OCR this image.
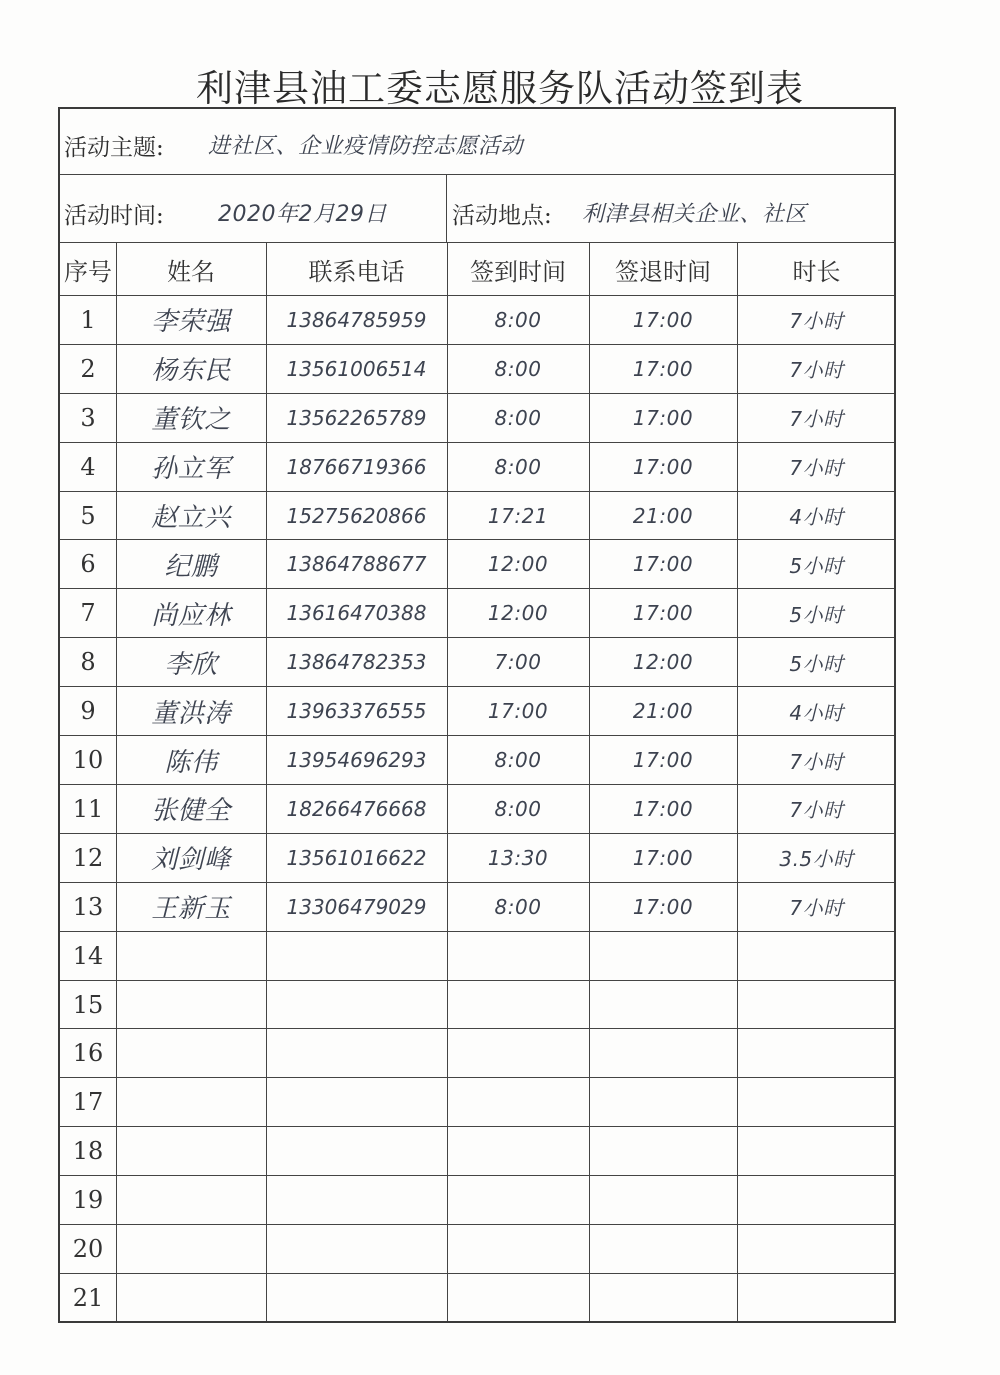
利津县油工委志愿服务队活动签到表
活动主题: 进社区、企业疫情防控志愿活动
活动时间: 2020年2月29日	活动地点: 利津县相关企业、社区
序号	姓名	联系电话	签到时间	签退时间	时长
1	李荣强	13864785959	8:00	17:00	7小时
2	杨东民	13561006514	8:00	17:00	7小时
3	董钦之	13562265789	8:00	17:00	7小时
4	孙立军	18766719366	8:00	17:00	7小时
5	赵立兴	15275620866	17:21	21:00	4小时
6	纪鹏	13864788677	12:00	17:00	5小时
7	尚应林	13616470388	12:00	17:00	5小时
8	李欣	13864782353	7:00	12:00	5小时
9	董洪涛	13963376555	17:00	21:00	4小时
10	陈伟	13954696293	8:00	17:00	7小时
11	张健全	18266476668	8:00	17:00	7小时
12	刘剑峰	13561016622	13:30	17:00	3.5小时
13	王新玉	13306479029	8:00	17:00	7小时
14
15
16
17
18
19
20
21
